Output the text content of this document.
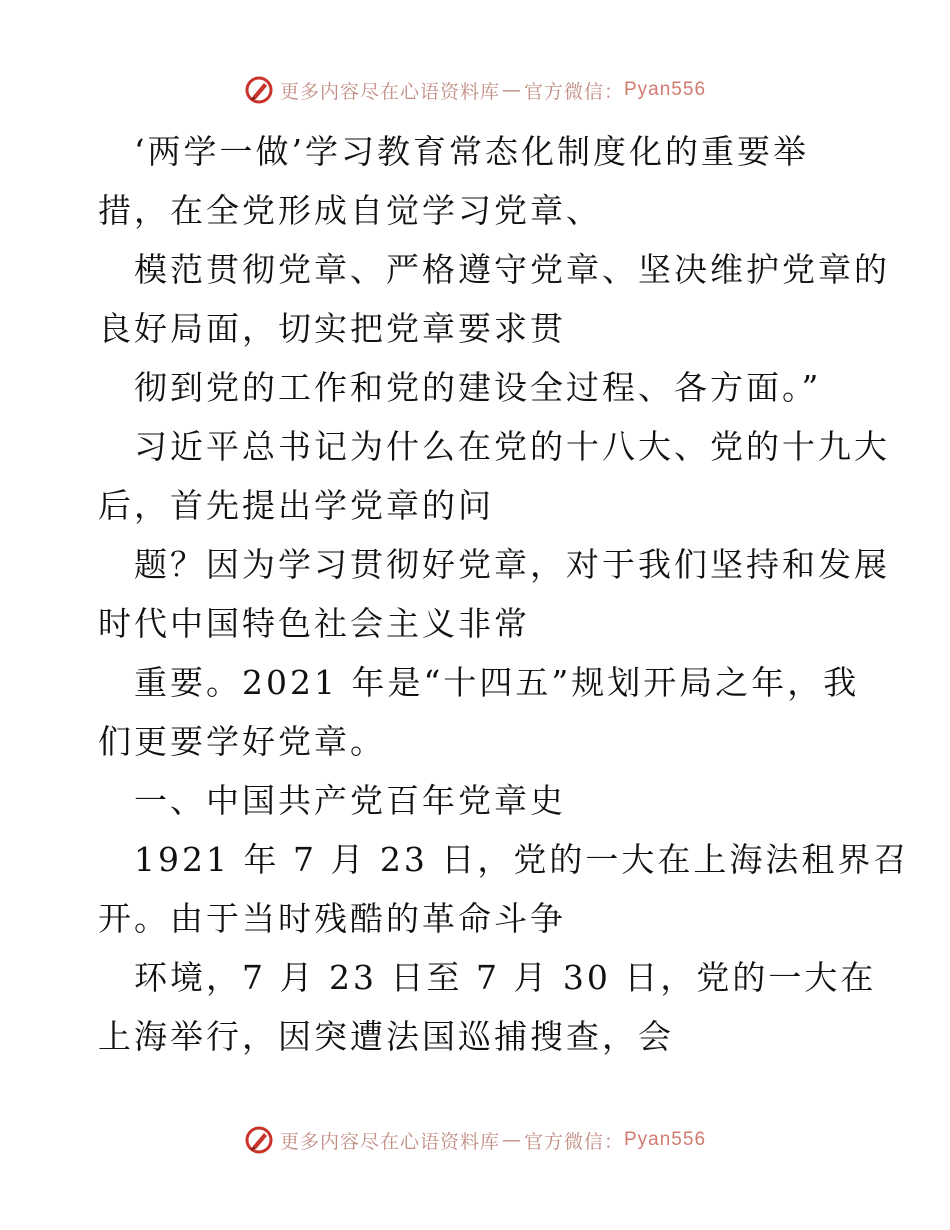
更多内容尽在心语资料库 — 官方微信： Pyan556
　‘两学一做’学习教育常态化制度化的重要举
措，在全党形成自觉学习党章、
　模范贯彻党章、严格遵守党章、坚决维护党章的
良好局面，切实把党章要求贯
　彻到党的工作和党的建设全过程、各方面。”
　习近平总书记为什么在党的十八大、党的十九大
后，首先提出学党章的问
　题？因为学习贯彻好党章，对于我们坚持和发展
时代中国特色社会主义非常
　重要。2021 年是“十四五”规划开局之年，我
们更要学好党章。
　一、中国共产党百年党章史
　1921 年 7 月 23 日，党的一大在上海法租界召
开。由于当时残酷的革命斗争
　环境，7 月 23 日至 7 月 30 日，党的一大在
上海举行，因突遭法国巡捕搜查，会
更多内容尽在心语资料库 — 官方微信： Pyan556
